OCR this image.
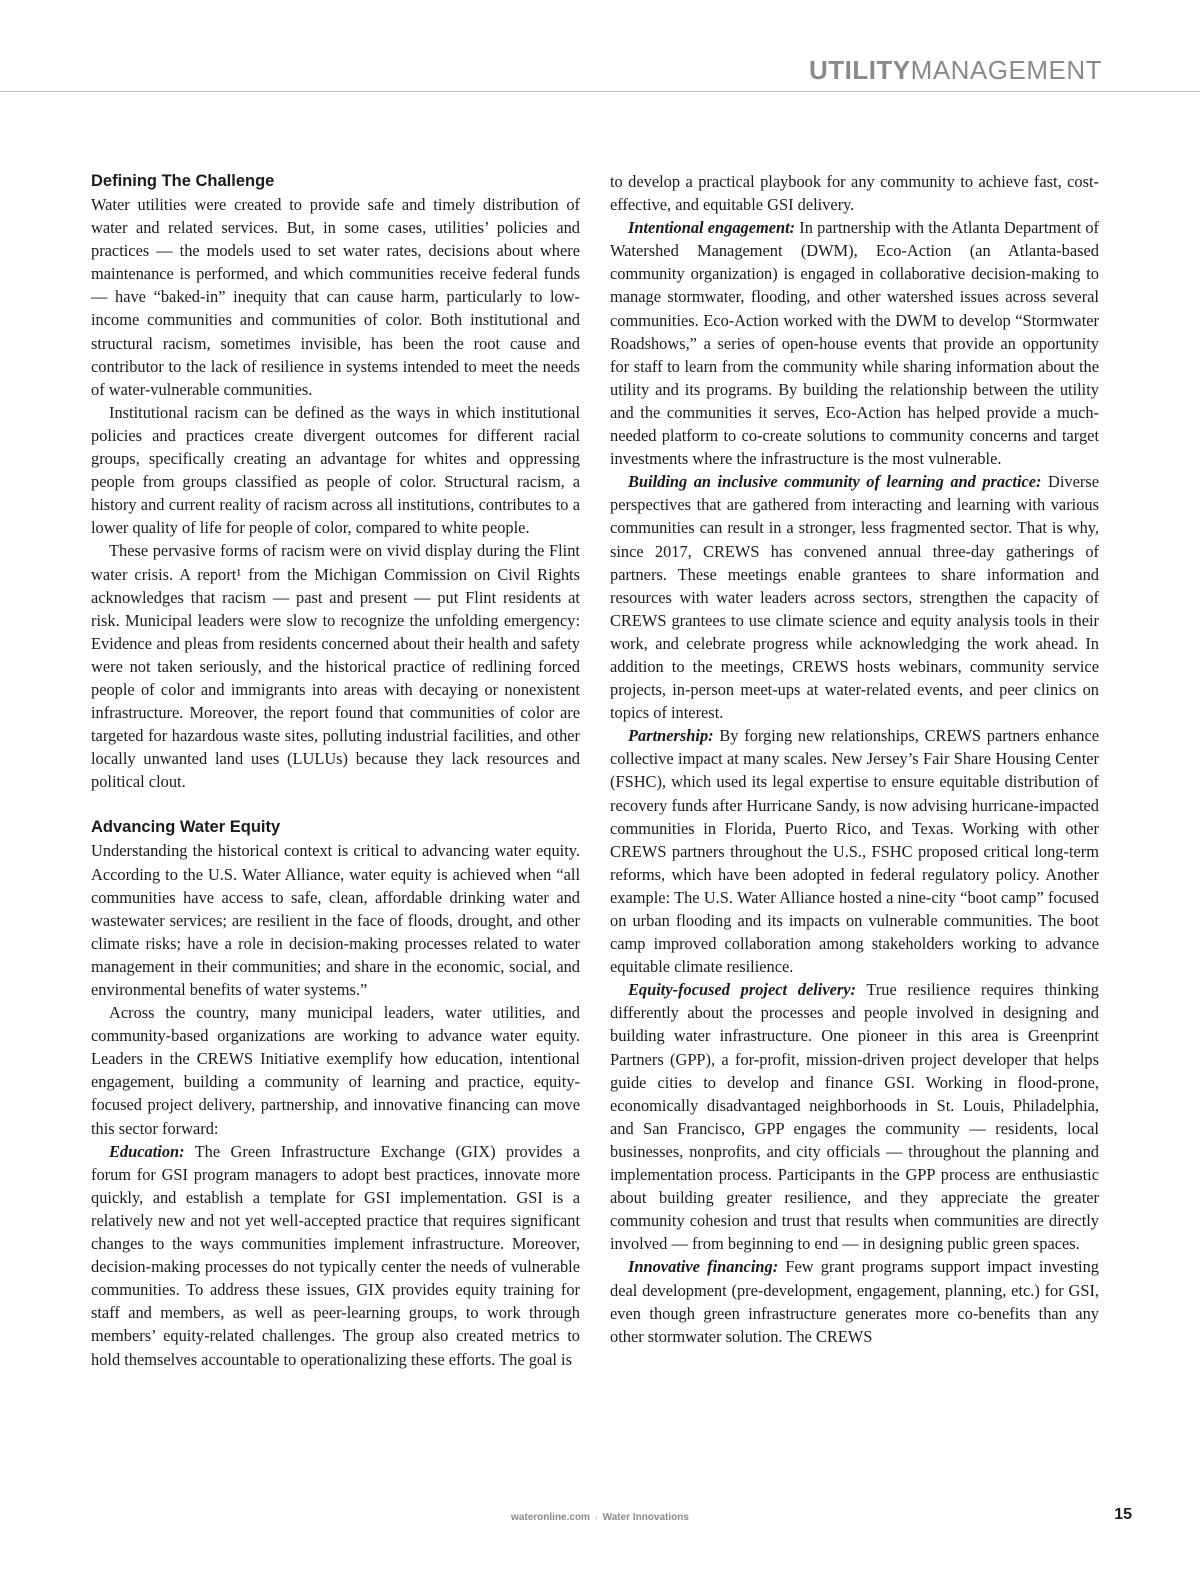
UTILITYMANAGEMENT
Defining The Challenge

Water utilities were created to provide safe and timely distribution of water and related services. But, in some cases, utilities’ policies and practices — the models used to set water rates, decisions about where maintenance is performed, and which communities receive federal funds — have “baked-in” inequity that can cause harm, particularly to low-income communities and communities of color. Both institutional and structural racism, sometimes invisible, has been the root cause and contributor to the lack of resilience in systems intended to meet the needs of water-vulnerable communities.

Institutional racism can be defined as the ways in which institutional policies and practices create divergent outcomes for different racial groups, specifically creating an advantage for whites and oppressing people from groups classified as people of color. Structural racism, a history and current reality of racism across all institutions, contributes to a lower quality of life for people of color, compared to white people.

These pervasive forms of racism were on vivid display during the Flint water crisis. A report¹ from the Michigan Commission on Civil Rights acknowledges that racism — past and present — put Flint residents at risk. Municipal leaders were slow to recognize the unfolding emergency: Evidence and pleas from residents concerned about their health and safety were not taken seriously, and the historical practice of redlining forced people of color and immigrants into areas with decaying or nonexistent infrastructure. Moreover, the report found that communities of color are targeted for hazardous waste sites, polluting industrial facilities, and other locally unwanted land uses (LULUs) because they lack resources and political clout.

Advancing Water Equity

Understanding the historical context is critical to advancing water equity. According to the U.S. Water Alliance, water equity is achieved when “all communities have access to safe, clean, affordable drinking water and wastewater services; are resilient in the face of floods, drought, and other climate risks; have a role in decision-making processes related to water management in their communities; and share in the economic, social, and environmental benefits of water systems.”

Across the country, many municipal leaders, water utilities, and community-based organizations are working to advance water equity. Leaders in the CREWS Initiative exemplify how education, intentional engagement, building a community of learning and practice, equity-focused project delivery, partnership, and innovative financing can move this sector forward:

Education: The Green Infrastructure Exchange (GIX) provides a forum for GSI program managers to adopt best practices, innovate more quickly, and establish a template for GSI implementation. GSI is a relatively new and not yet well-accepted practice that requires significant changes to the ways communities implement infrastructure. Moreover, decision-making processes do not typically center the needs of vulnerable communities. To address these issues, GIX provides equity training for staff and members, as well as peer-learning groups, to work through members’ equity-related challenges. The group also created metrics to hold themselves accountable to operationalizing these efforts. The goal is

to develop a practical playbook for any community to achieve fast, cost-effective, and equitable GSI delivery.

Intentional engagement: In partnership with the Atlanta Department of Watershed Management (DWM), Eco-Action (an Atlanta-based community organization) is engaged in collaborative decision-making to manage stormwater, flooding, and other watershed issues across several communities. Eco-Action worked with the DWM to develop “Stormwater Roadshows,” a series of open-house events that provide an opportunity for staff to learn from the community while sharing information about the utility and its programs. By building the relationship between the utility and the communities it serves, Eco-Action has helped provide a much-needed platform to co-create solutions to community concerns and target investments where the infrastructure is the most vulnerable.

Building an inclusive community of learning and practice: Diverse perspectives that are gathered from interacting and learning with various communities can result in a stronger, less fragmented sector. That is why, since 2017, CREWS has convened annual three-day gatherings of partners. These meetings enable grantees to share information and resources with water leaders across sectors, strengthen the capacity of CREWS grantees to use climate science and equity analysis tools in their work, and celebrate progress while acknowledging the work ahead. In addition to the meetings, CREWS hosts webinars, community service projects, in-person meet-ups at water-related events, and peer clinics on topics of interest.

Partnership: By forging new relationships, CREWS partners enhance collective impact at many scales. New Jersey’s Fair Share Housing Center (FSHC), which used its legal expertise to ensure equitable distribution of recovery funds after Hurricane Sandy, is now advising hurricane-impacted communities in Florida, Puerto Rico, and Texas. Working with other CREWS partners throughout the U.S., FSHC proposed critical long-term reforms, which have been adopted in federal regulatory policy. Another example: The U.S. Water Alliance hosted a nine-city “boot camp” focused on urban flooding and its impacts on vulnerable communities. The boot camp improved collaboration among stakeholders working to advance equitable climate resilience.

Equity-focused project delivery: True resilience requires thinking differently about the processes and people involved in designing and building water infrastructure. One pioneer in this area is Greenprint Partners (GPP), a for-profit, mission-driven project developer that helps guide cities to develop and finance GSI. Working in flood-prone, economically disadvantaged neighborhoods in St. Louis, Philadelphia, and San Francisco, GPP engages the community — residents, local businesses, nonprofits, and city officials — throughout the planning and implementation process. Participants in the GPP process are enthusiastic about building greater resilience, and they appreciate the greater community cohesion and trust that results when communities are directly involved — from beginning to end — in designing public green spaces.

Innovative financing: Few grant programs support impact investing deal development (pre-development, engagement, planning, etc.) for GSI, even though green infrastructure generates more co-benefits than any other stormwater solution. The CREWS

wateronline.com › Water Innovations	15
